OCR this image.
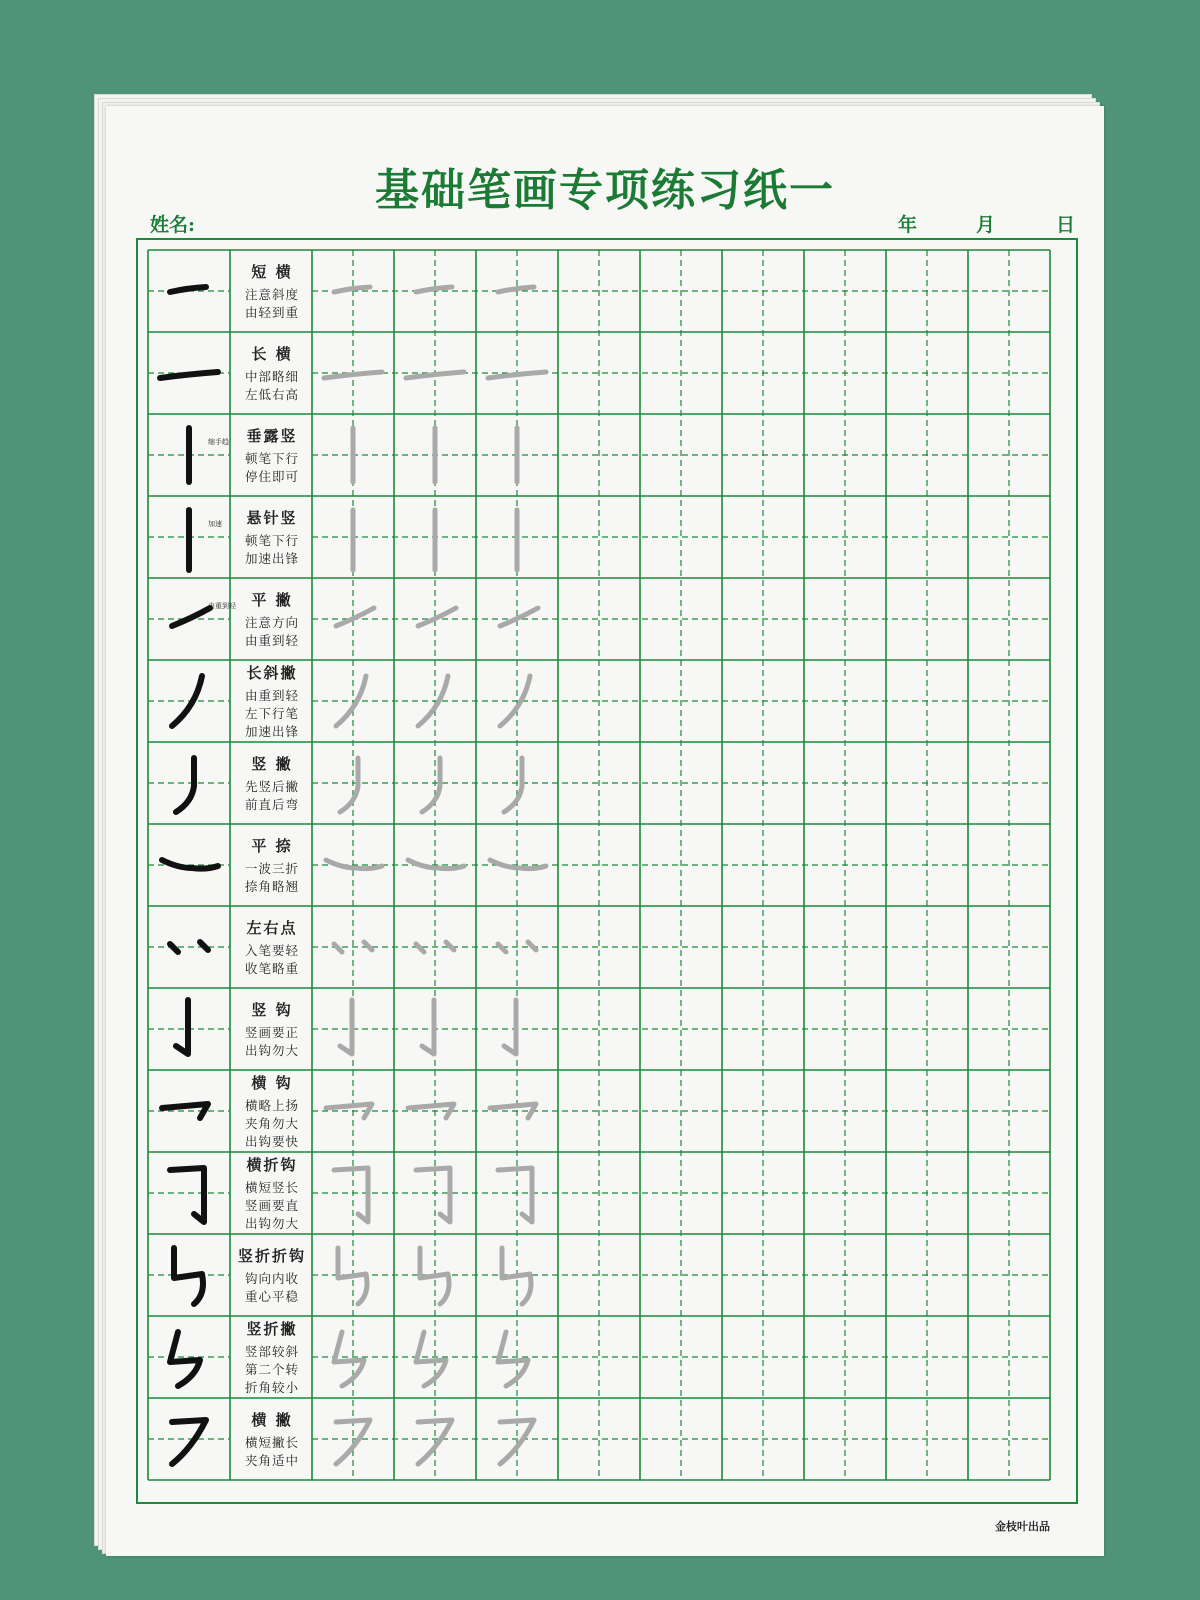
基础笔画专项练习纸一
姓名:	年	月	日
短 横
注意斜度
由轻到重
长 横
中部略细
左低右高
缩手趋 垂露竖
顿笔下行
停住即可
加速 悬针竖
顿笔下行
加速出锋
由重到轻 平 撇
注意方向
由重到轻
长斜撇
由重到轻
左下行笔
加速出锋
竖 撇
先竖后撇
前直后弯
平 捺
一波三折
捺角略翘
左右点
入笔要轻
收笔略重
竖 钩
竖画要正
出钩勿大
横 钩
横略上扬
夹角勿大
出钩要快
横折钩
横短竖长
竖画要直
出钩勿大
竖折折钩
钩向内收
重心平稳
竖折撇
竖部较斜
第二个转
折角较小
横 撇
横短撇长
夹角适中
金枝叶出品
